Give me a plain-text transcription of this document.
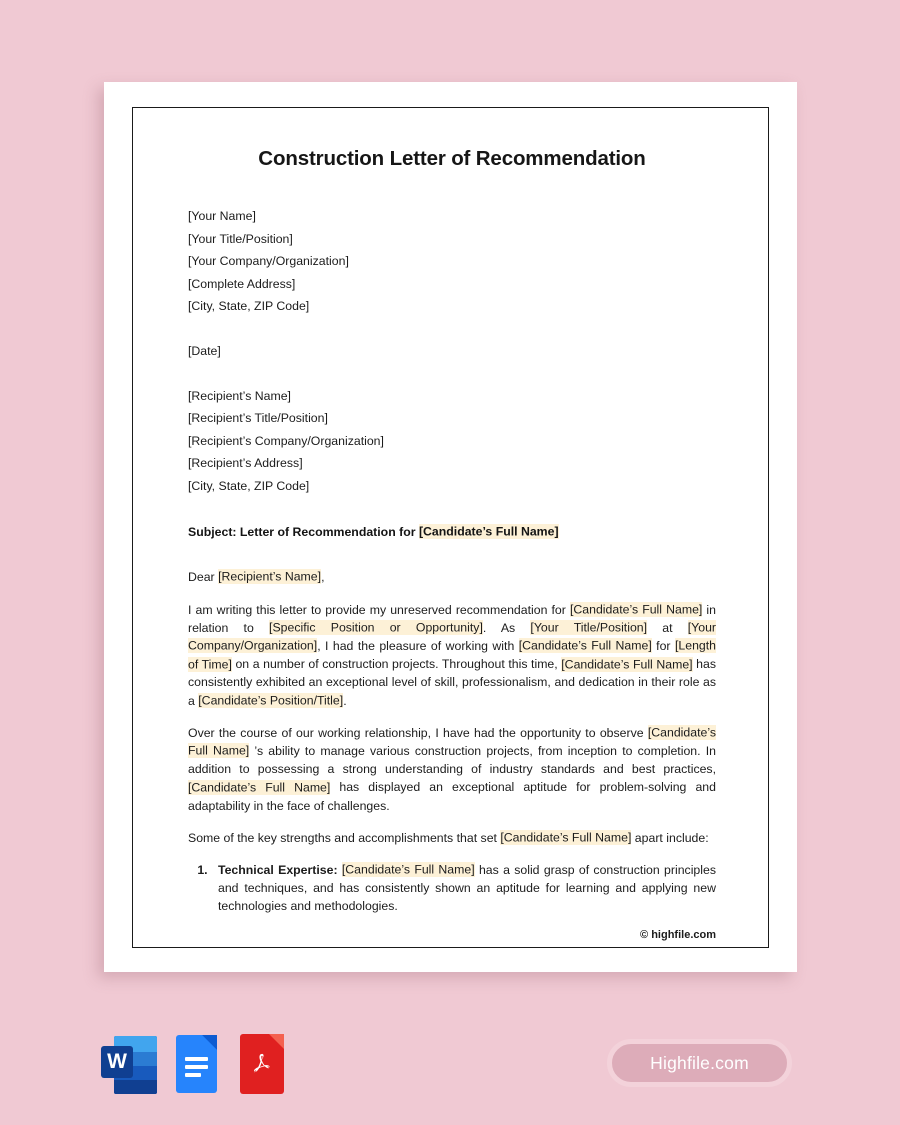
Construction Letter of Recommendation
[Your Name]
[Your Title/Position]
[Your Company/Organization]
[Complete Address]
[City, State, ZIP Code]
[Date]
[Recipient’s Name]
[Recipient’s Title/Position]
[Recipient’s Company/Organization]
[Recipient’s Address]
[City, State, ZIP Code]
Subject: Letter of Recommendation for [Candidate’s Full Name]
Dear [Recipient’s Name],

I am writing this letter to provide my unreserved recommendation for [Candidate’s Full Name] in relation to [Specific Position or Opportunity]. As [Your Title/Position] at [Your Company/Organization], I had the pleasure of working with [Candidate’s Full Name] for [Length of Time] on a number of construction projects. Throughout this time, [Candidate’s Full Name] has consistently exhibited an exceptional level of skill, professionalism, and dedication in their role as a [Candidate’s Position/Title].

Over the course of our working relationship, I have had the opportunity to observe [Candidate’s Full Name] ’s ability to manage various construction projects, from inception to completion. In addition to possessing a strong understanding of industry standards and best practices, [Candidate’s Full Name] has displayed an exceptional aptitude for problem-solving and adaptability in the face of challenges.

Some of the key strengths and accomplishments that set [Candidate’s Full Name] apart include:

1. Technical Expertise: [Candidate’s Full Name] has a solid grasp of construction principles and techniques, and has consistently shown an aptitude for learning and applying new technologies and methodologies.
© highfile.com
W	Highfile.com
